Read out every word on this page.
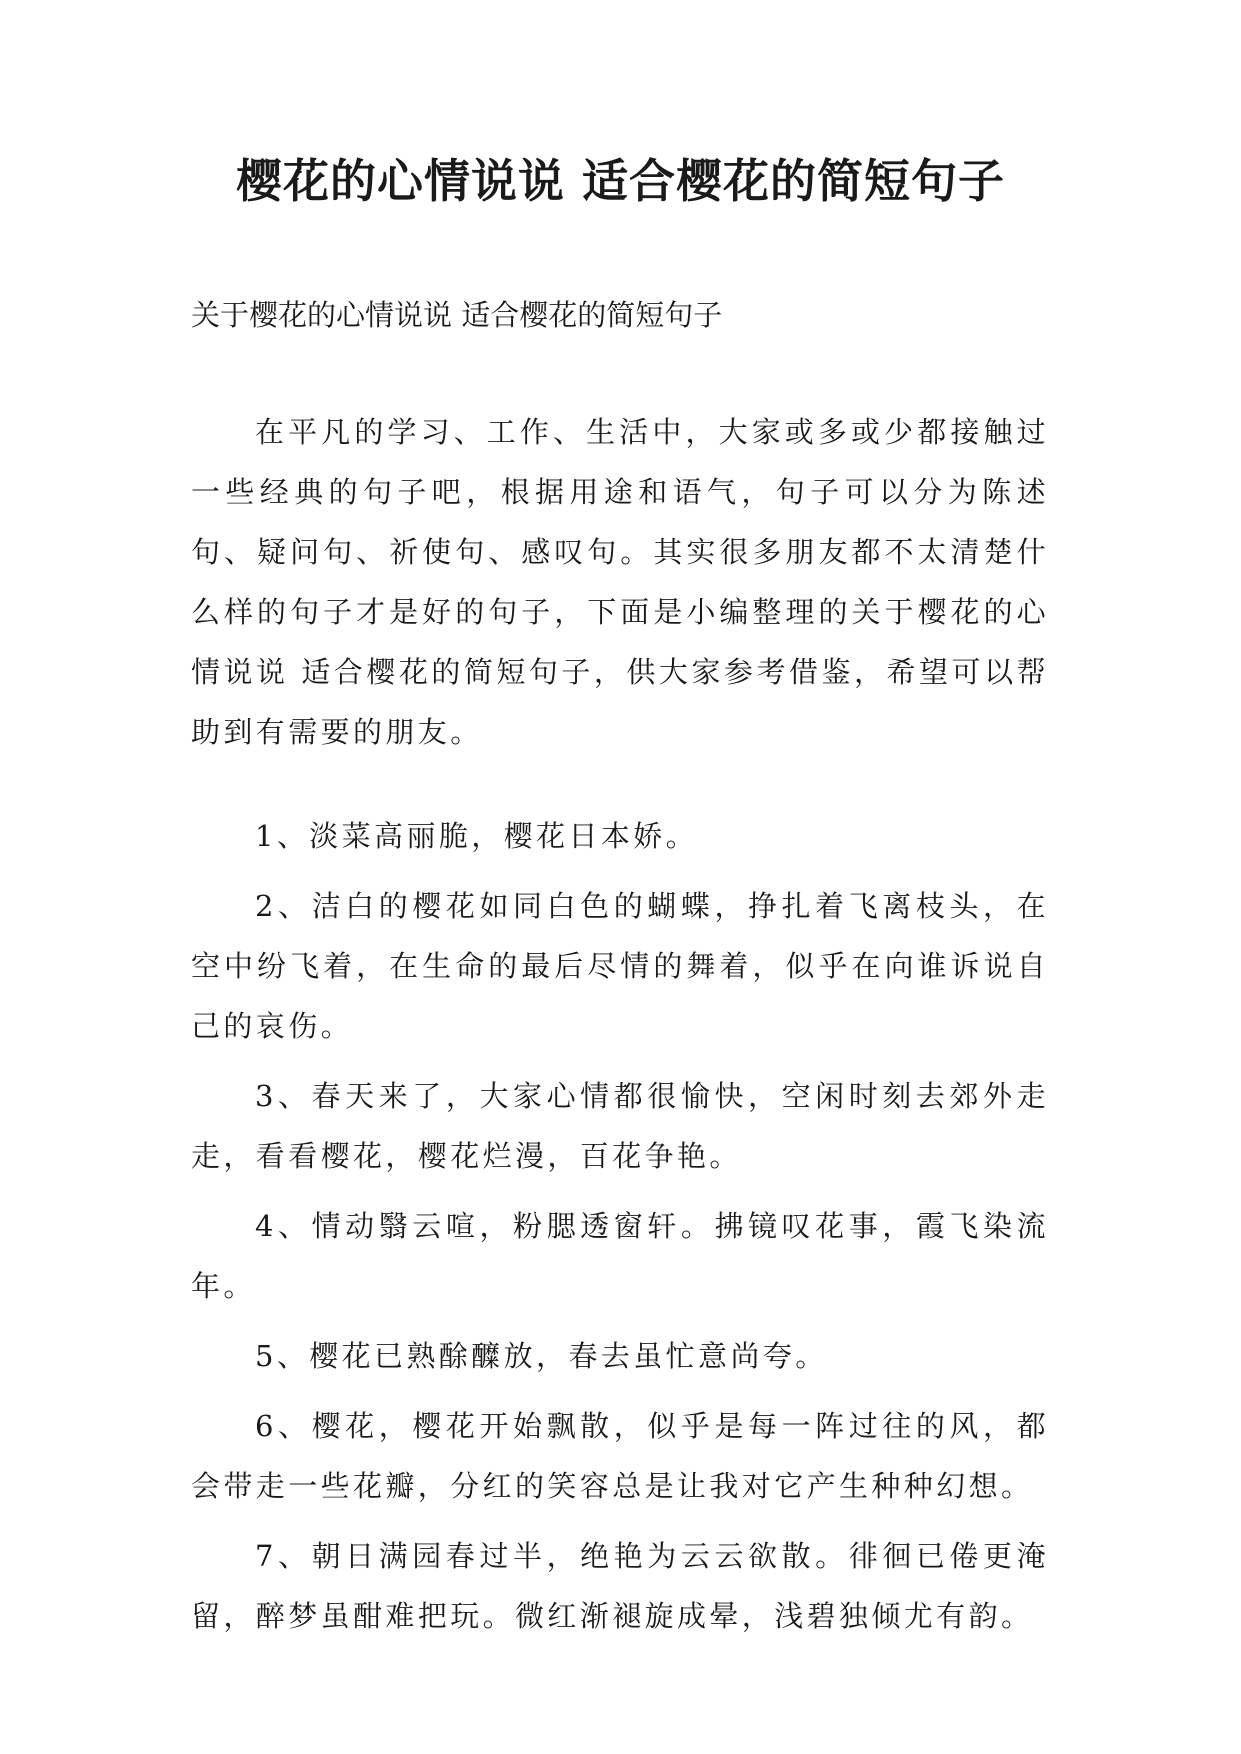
樱花的心情说说 适合樱花的简短句子

关于樱花的心情说说 适合樱花的简短句子

在平凡的学习、工作、生活中，大家或多或少都接触过一些经典的句子吧，根据用途和语气，句子可以分为陈述句、疑问句、祈使句、感叹句。其实很多朋友都不太清楚什么样的句子才是好的句子，下面是小编整理的关于樱花的心情说说 适合樱花的简短句子，供大家参考借鉴，希望可以帮助到有需要的朋友。

1、淡菜高丽脆，樱花日本娇。
2、洁白的樱花如同白色的蝴蝶，挣扎着飞离枝头，在空中纷飞着，在生命的最后尽情的舞着，似乎在向谁诉说自己的哀伤。
3、春天来了，大家心情都很愉快，空闲时刻去郊外走走，看看樱花，樱花烂漫，百花争艳。
4、情动翳云喧，粉腮透窗轩。拂镜叹花事，霞飞染流年。
5、樱花已熟酴醾放，春去虽忙意尚夸。
6、樱花，樱花开始飘散，似乎是每一阵过往的风，都会带走一些花瓣，分红的笑容总是让我对它产生种种幻想。
7、朝日满园春过半，绝艳为云云欲散。徘徊已倦更淹留，醉梦虽酣难把玩。微红渐褪旋成晕，浅碧独倾尤有韵。
